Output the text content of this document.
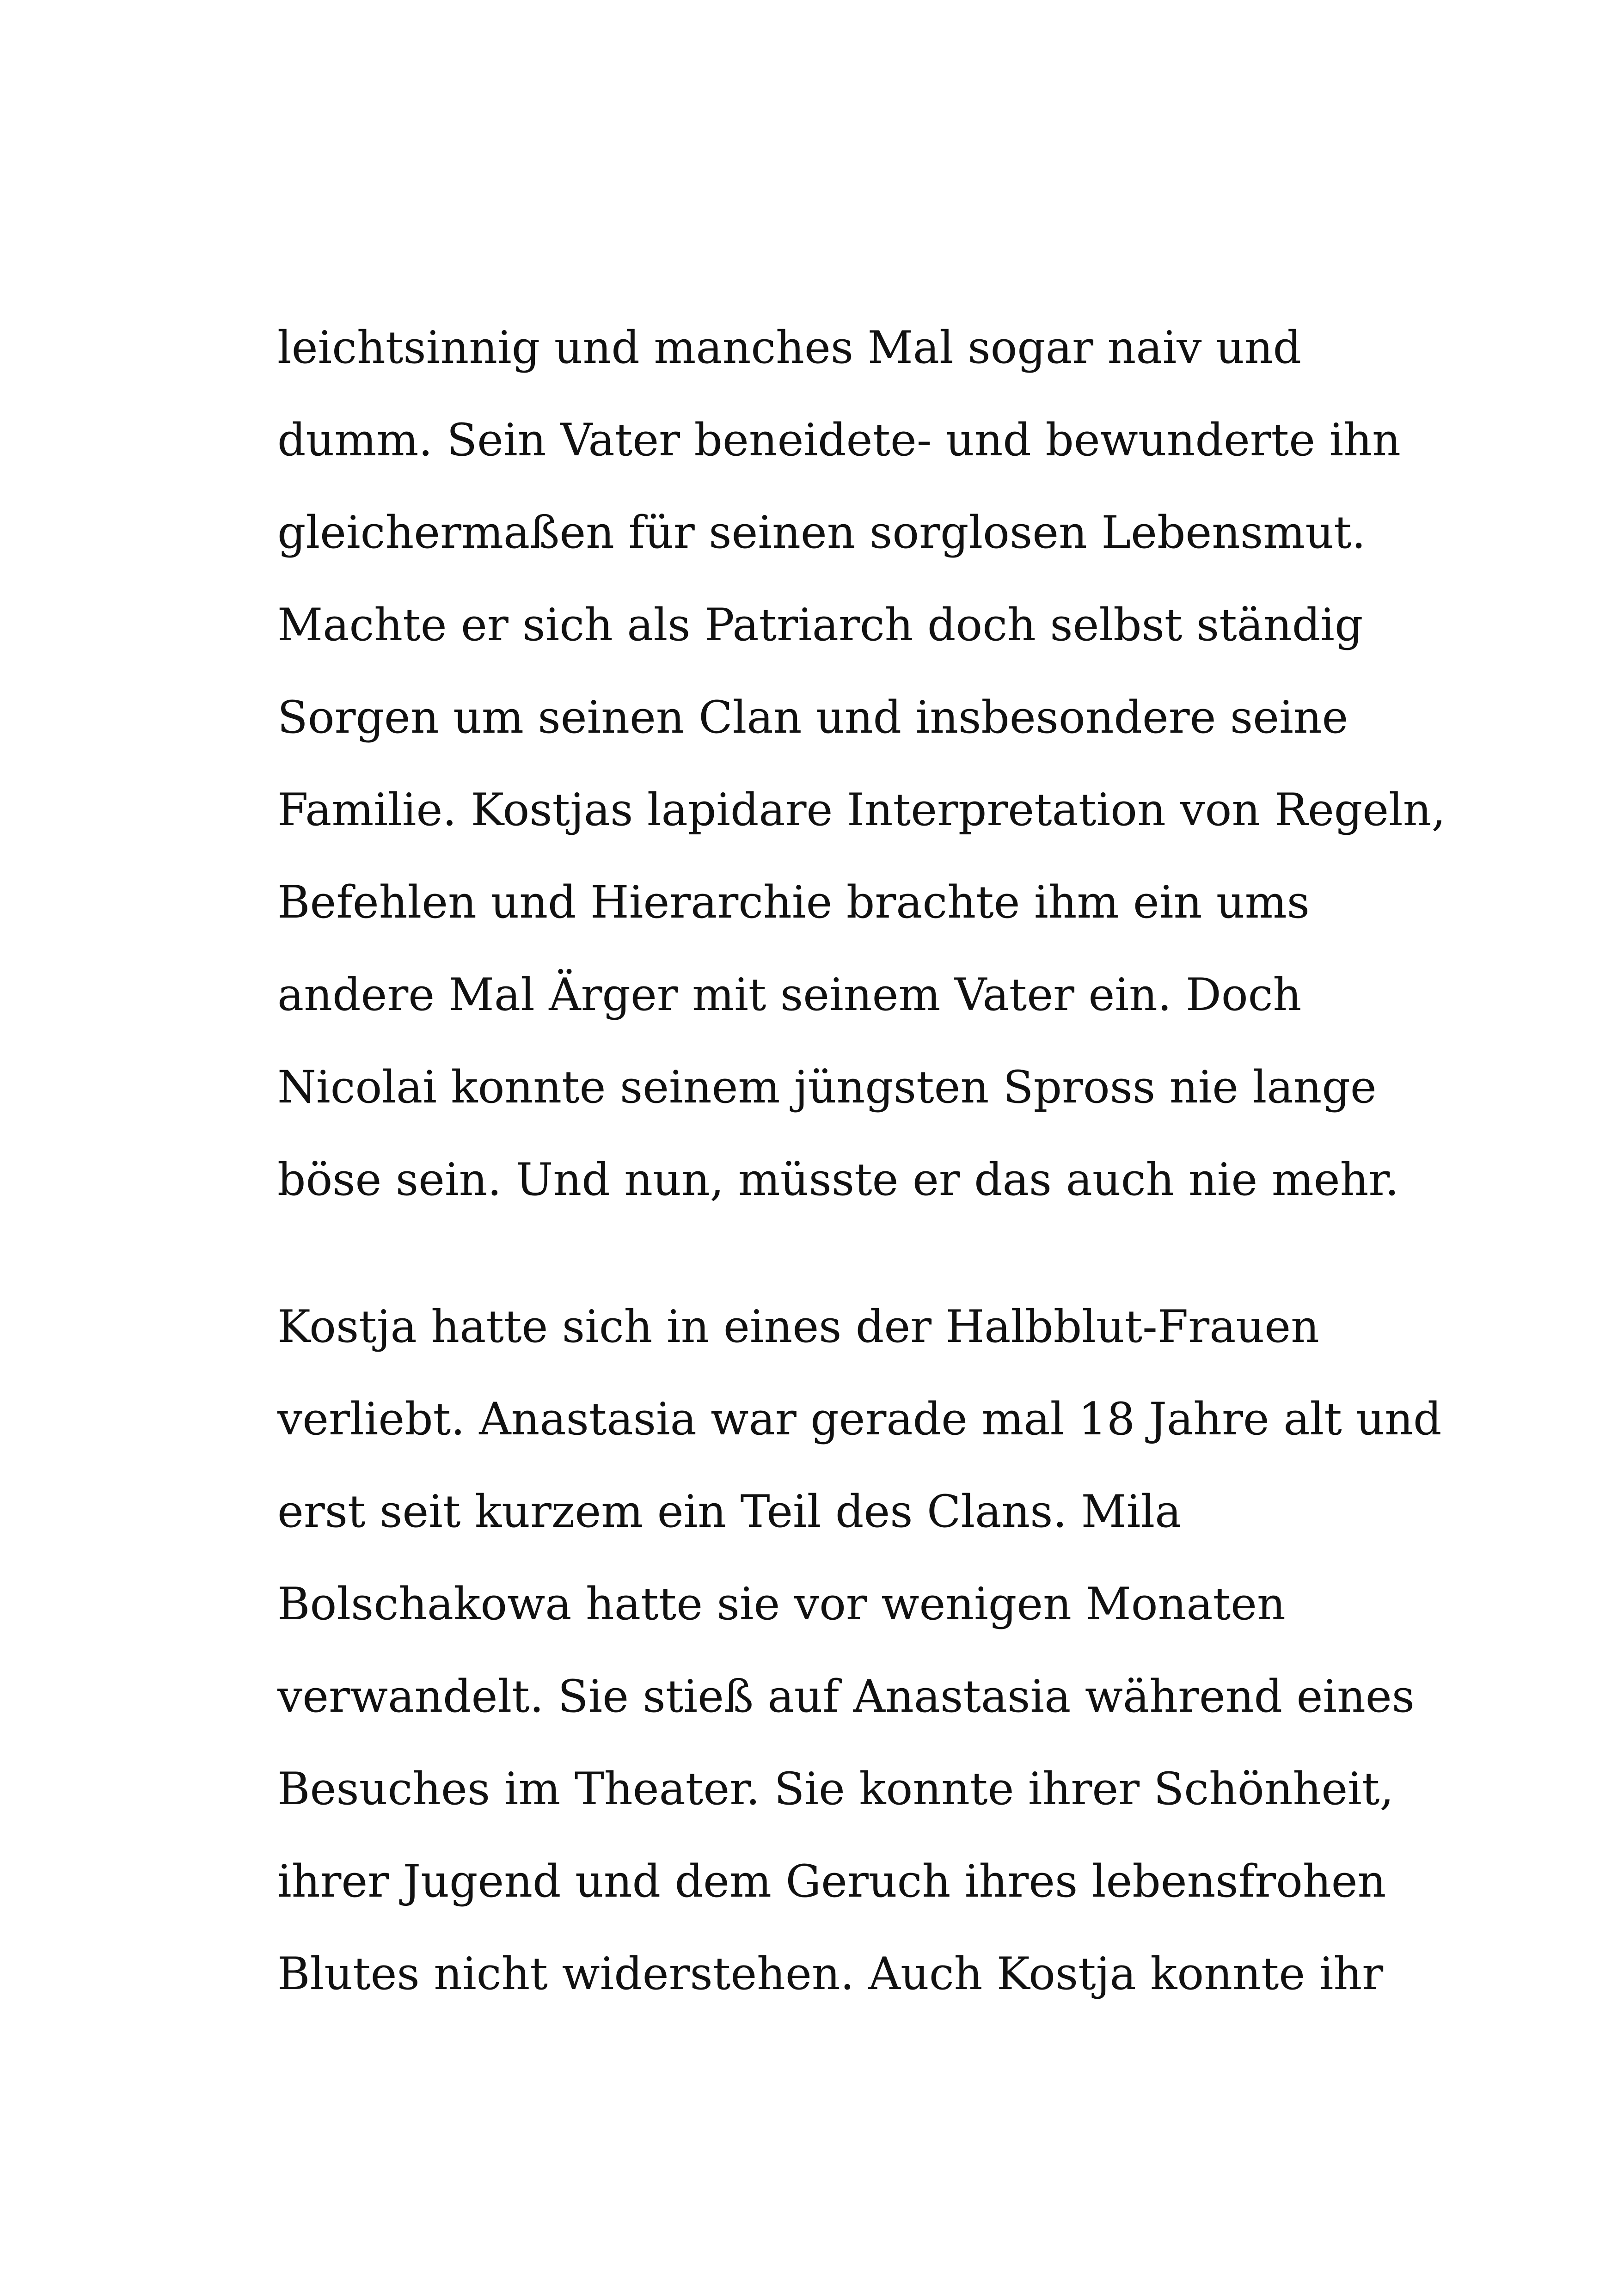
leichtsinnig und manches Mal sogar naiv und
dumm. Sein Vater beneidete- und bewunderte ihn
gleichermaßen für seinen sorglosen Lebensmut.
Machte er sich als Patriarch doch selbst ständig
Sorgen um seinen Clan und insbesondere seine
Familie. Kostjas lapidare Interpretation von Regeln,
Befehlen und Hierarchie brachte ihm ein ums
andere Mal Ärger mit seinem Vater ein. Doch
Nicolai konnte seinem jüngsten Spross nie lange
böse sein. Und nun, müsste er das auch nie mehr.
Kostja hatte sich in eines der Halbblut-Frauen
verliebt. Anastasia war gerade mal 18 Jahre alt und
erst seit kurzem ein Teil des Clans. Mila
Bolschakowa hatte sie vor wenigen Monaten
verwandelt. Sie stieß auf Anastasia während eines
Besuches im Theater. Sie konnte ihrer Schönheit,
ihrer Jugend und dem Geruch ihres lebensfrohen
Blutes nicht widerstehen. Auch Kostja konnte ihr
